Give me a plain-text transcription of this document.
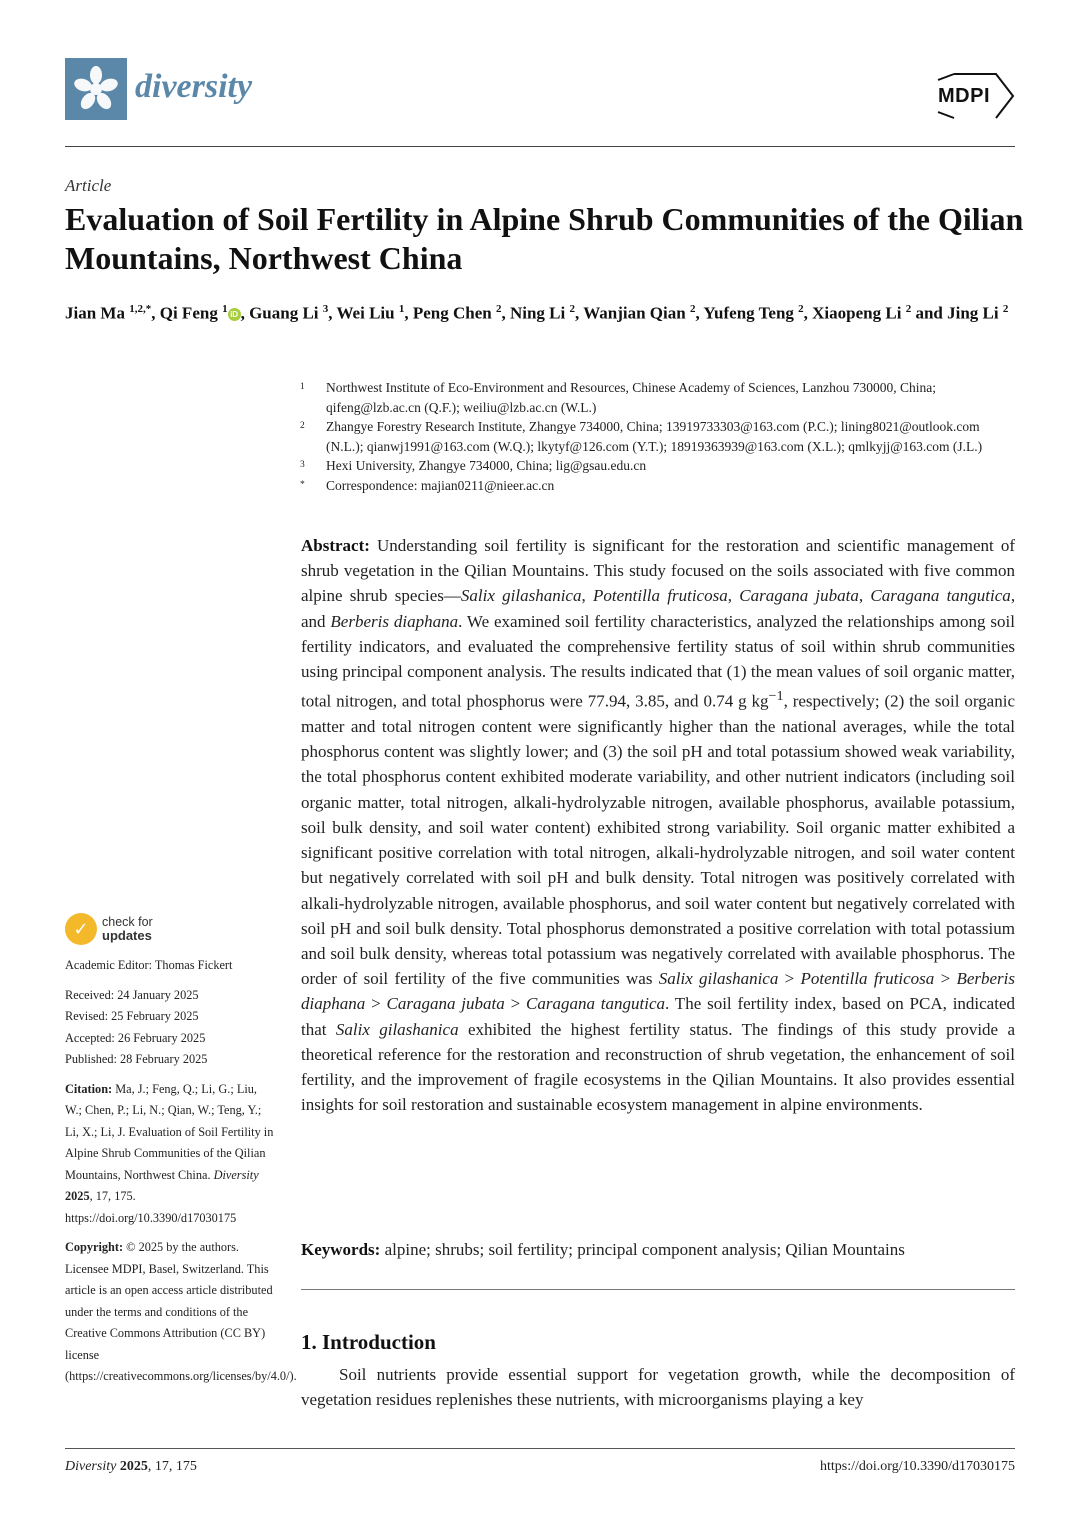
diversity	MDPI
Article
Evaluation of Soil Fertility in Alpine Shrub Communities of the Qilian Mountains, Northwest China
Jian Ma $^{1,2,*}$, Qi Feng $^1$ iD , Guang Li $^3$, Wei Liu $^1$, Peng Chen $^2$, Ning Li $^2$, Wanjian Qian $^2$, Yufeng Teng $^2$, Xiaopeng Li $^2$ and Jing Li $^2$
1	Northwest Institute of Eco-Environment and Resources, Chinese Academy of Sciences, Lanzhou 730000, China; qifeng@lzb.ac.cn (Q.F.); weiliu@lzb.ac.cn (W.L.)
2	Zhangye Forestry Research Institute, Zhangye 734000, China; 13919733303@163.com (P.C.); lining8021@outlook.com (N.L.); qianwj1991@163.com (W.Q.); lkytyf@126.com (Y.T.); 18919363939@163.com (X.L.); qmlkyjj@163.com (J.L.)
3	Hexi University, Zhangye 734000, China; lig@gsau.edu.cn
*	Correspondence: majian0211@nieer.ac.cn
Abstract: Understanding soil fertility is significant for the restoration and scientific management of shrub vegetation in the Qilian Mountains. This study focused on the soils associated with five common alpine shrub species—Salix gilashanica, Potentilla fruticosa, Caragana jubata, Caragana tangutica, and Berberis diaphana. We examined soil fertility characteristics, analyzed the relationships among soil fertility indicators, and evaluated the comprehensive fertility status of soil within shrub communities using principal component analysis. The results indicated that (1) the mean values of soil organic matter, total nitrogen, and total phosphorus were 77.94, 3.85, and 0.74 g $kg^{-1}$, respectively; (2) the soil organic matter and total nitrogen content were significantly higher than the national averages, while the total phosphorus content was slightly lower; and (3) the soil pH and total potassium showed weak variability, the total phosphorus content exhibited moderate variability, and other nutrient indicators (including soil organic matter, total nitrogen, alkali-hydrolyzable nitrogen, available phosphorus, available potassium, soil bulk density, and soil water content) exhibited strong variability. Soil organic matter exhibited a significant positive correlation with total nitrogen, alkali-hydrolyzable nitrogen, and soil water content but negatively correlated with soil pH and bulk density. Total nitrogen was positively correlated with alkali-hydrolyzable nitrogen, available phosphorus, and soil water content but negatively correlated with soil pH and soil bulk density. Total phosphorus demonstrated a positive correlation with total potassium and soil bulk density, whereas total potassium was negatively correlated with available phosphorus. The order of soil fertility of the five communities was Salix gilashanica > Potentilla fruticosa > Berberis diaphana > Caragana jubata > Caragana tangutica. The soil fertility index, based on PCA, indicated that Salix gilashanica exhibited the highest fertility status. The findings of this study provide a theoretical reference for the restoration and reconstruction of shrub vegetation, the enhancement of soil fertility, and the improvement of fragile ecosystems in the Qilian Mountains. It also provides essential insights for soil restoration and sustainable ecosystem management in alpine environments.
Keywords: alpine; shrubs; soil fertility; principal component analysis; Qilian Mountains
1. Introduction
Soil nutrients provide essential support for vegetation growth, while the decomposition of vegetation residues replenishes these nutrients, with microorganisms playing a key
✓	check for
updates

Academic Editor: Thomas Fickert

Received: 24 January 2025

Revised: 25 February 2025

Accepted: 26 February 2025

Published: 28 February 2025

Citation: Ma, J.; Feng, Q.; Li, G.; Liu, W.; Chen, P.; Li, N.; Qian, W.; Teng, Y.; Li, X.; Li, J. Evaluation of Soil Fertility in Alpine Shrub Communities of the Qilian Mountains, Northwest China. Diversity 2025, 17, 175. https://doi.org/10.3390/d17030175

Copyright: © 2025 by the authors. Licensee MDPI, Basel, Switzerland. This article is an open access article distributed under the terms and conditions of the Creative Commons Attribution (CC BY) license (https://creativecommons.org/licenses/by/4.0/).

Diversity 2025, 17, 175	https://doi.org/10.3390/d17030175
